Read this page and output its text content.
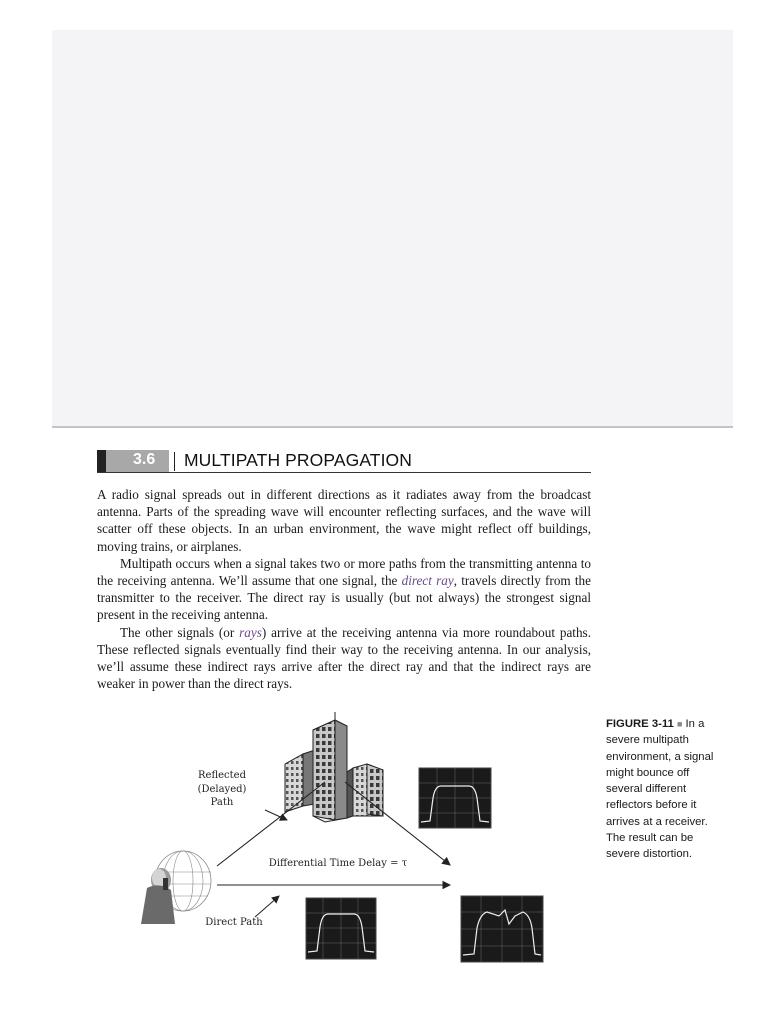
3.6 MULTIPATH PROPAGATION

A radio signal spreads out in different directions as it radiates away from the broadcast antenna. Parts of the spreading wave will encounter reflecting surfaces, and the wave will scatter off these objects. In an urban environment, the wave might reflect off buildings, moving trains, or airplanes.

Multipath occurs when a signal takes two or more paths from the transmitting antenna to the receiving antenna. We’ll assume that one signal, the direct ray, travels directly from the transmitter to the receiver. The direct ray is usually (but not always) the strongest signal present in the receiving antenna.

The other signals (or rays) arrive at the receiving antenna via more roundabout paths. These reflected signals eventually find their way to the receiving antenna. In our analysis, we’ll assume these indirect rays arrive after the direct ray and that the indirect rays are weaker in power than the direct rays.

FIGURE 3-11 ■ In a severe multipath environment, a signal might bounce off several different reflectors before it arrives at a receiver. The result can be severe distortion.
Reflected
(Delayed)
Path
Differential Time Delay = τ
Direct Path
